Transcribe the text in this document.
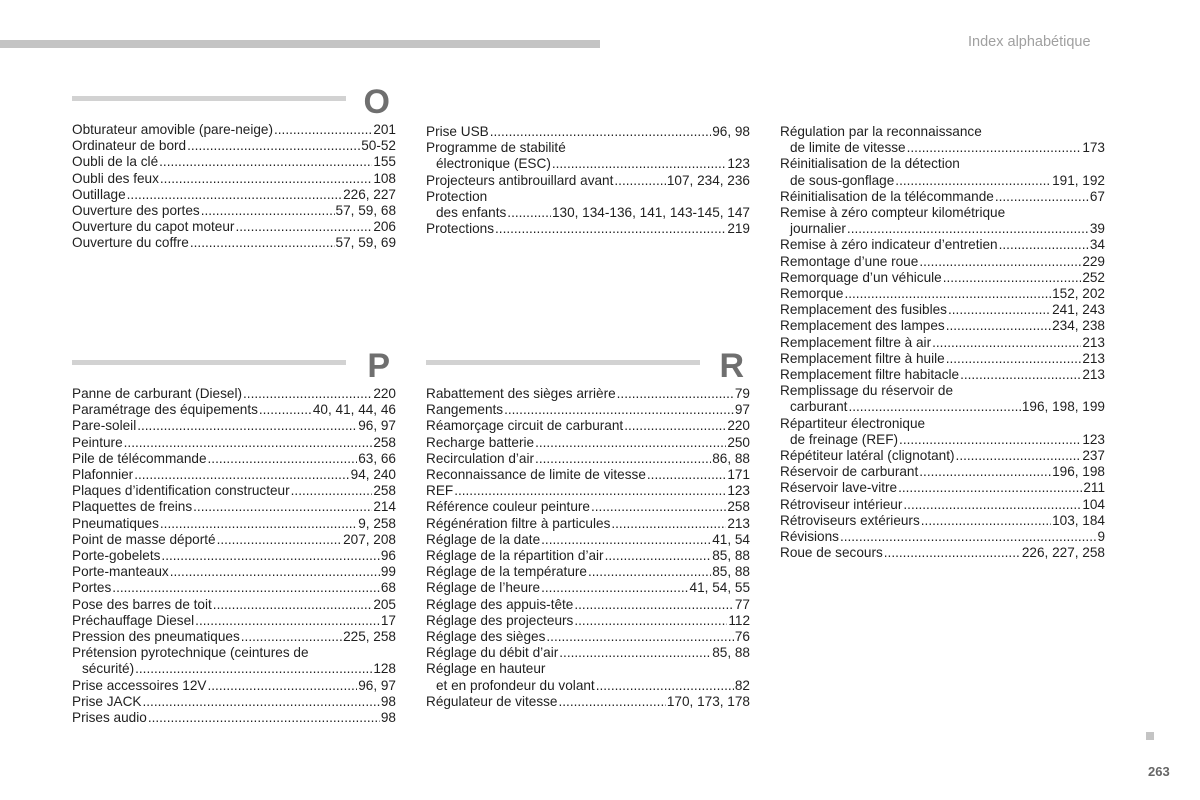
Index alphabétique
O
Obturateur amovible (pare-neige) .....	201
Ordinateur de bord .....	50-52
Oubli de la clé .....	155
Oubli des feux .....	108
Outillage .....	226, 227
Ouverture des portes .....	57, 59, 68
Ouverture du capot moteur .....	206
Ouverture du coffre .....	57, 59, 69
Prise USB .....	96, 98
Programme de stabilité
électronique (ESC) .....	123
Projecteurs antibrouillard avant .....	107, 234, 236
Protection
des enfants .....	130, 134-136, 141, 143-145, 147
Protections .....	219
Régulation par la reconnaissance
de limite de vitesse .....	173
Réinitialisation de la détection
de sous-gonflage .....	191, 192
Réinitialisation de la télécommande .....	67
Remise à zéro compteur kilométrique
journalier .....	39
Remise à zéro indicateur d’entretien .....	34
Remontage d’une roue .....	229
Remorquage d’un véhicule .....	252
Remorque .....	152, 202
Remplacement des fusibles .....	241, 243
Remplacement des lampes .....	234, 238
Remplacement filtre à air .....	213
Remplacement filtre à huile .....	213
Remplacement filtre habitacle .....	213
Remplissage du réservoir de
carburant .....	196, 198, 199
Répartiteur électronique
de freinage (REF) .....	123
Répétiteur latéral (clignotant) .....	237
Réservoir de carburant .....	196, 198
Réservoir lave-vitre .....	211
Rétroviseur intérieur .....	104
Rétroviseurs extérieurs .....	103, 184
Révisions .....	9
Roue de secours .....	226, 227, 258
P
Panne de carburant (Diesel) .....	220
Paramétrage des équipements .....	40, 41, 44, 46
Pare-soleil .....	96, 97
Peinture .....	258
Pile de télécommande .....	63, 66
Plafonnier .....	94, 240
Plaques d’identification constructeur .....	258
Plaquettes de freins .....	214
Pneumatiques .....	9, 258
Point de masse déporté .....	207, 208
Porte-gobelets .....	96
Porte-manteaux .....	99
Portes .....	68
Pose des barres de toit .....	205
Préchauffage Diesel .....	17
Pression des pneumatiques .....	225, 258
Prétension pyrotechnique (ceintures de
sécurité) .....	128
Prise accessoires 12V .....	96, 97
Prise JACK .....	98
Prises audio .....	98
R
Rabattement des sièges arrière .....	79
Rangements .....	97
Réamorçage circuit de carburant .....	220
Recharge batterie .....	250
Recirculation d’air .....	86, 88
Reconnaissance de limite de vitesse .....	171
REF .....	123
Référence couleur peinture .....	258
Régénération filtre à particules .....	213
Réglage de la date .....	41, 54
Réglage de la répartition d’air .....	85, 88
Réglage de la température .....	85, 88
Réglage de l’heure .....	41, 54, 55
Réglage des appuis-tête .....	77
Réglage des projecteurs .....	112
Réglage des sièges .....	76
Réglage du débit d’air .....	85, 88
Réglage en hauteur
et en profondeur du volant .....	82
Régulateur de vitesse .....	170, 173, 178
263
